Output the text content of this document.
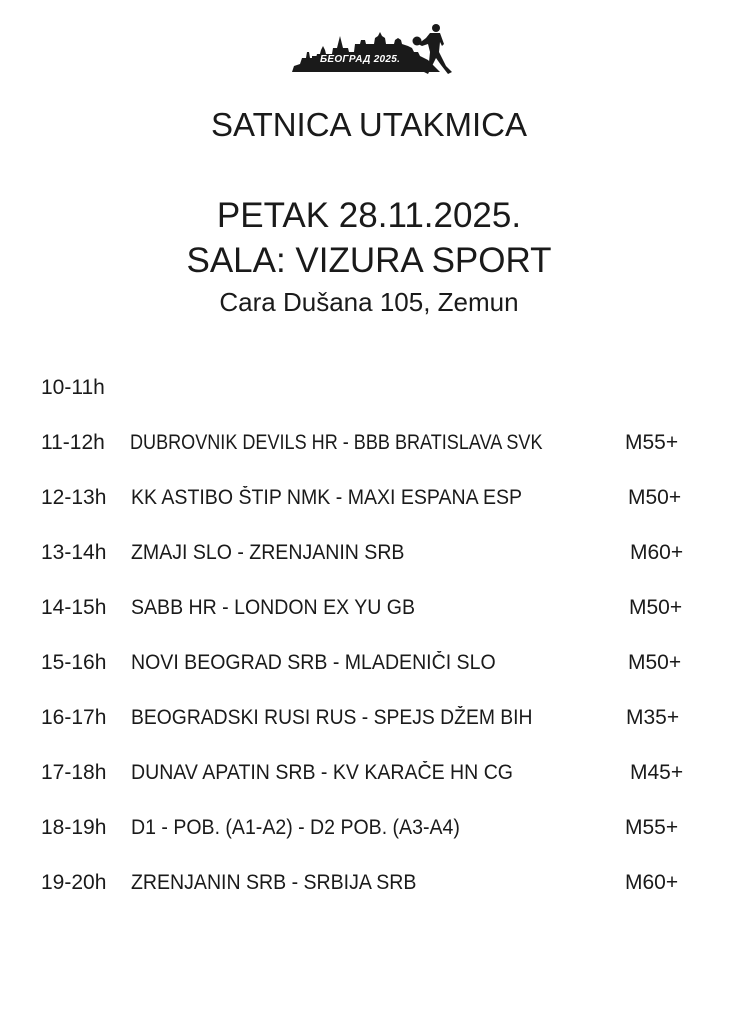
БЕОГРАД 2025.
SATNICA UTAKMICA
PETAK 28.11.2025.
SALA: VIZURA SPORT
Cara Dušana 105, Zemun
10-11h
11-12h DUBROVNIK DEVILS HR - BBB BRATISLAVA SVK	M55+
12-13h KK ASTIBO ŠTIP NMK - MAXI ESPANA ESP	M50+
13-14h ZMAJI SLO - ZRENJANIN SRB	M60+
14-15h SABB HR - LONDON EX YU GB	M50+
15-16h NOVI BEOGRAD SRB - MLADENIČI SLO	M50+
16-17h BEOGRADSKI RUSI RUS - SPEJS DŽEM BIH	M35+
17-18h DUNAV APATIN SRB - KV KARAČE HN CG	M45+
18-19h D1 - POB. (A1-A2) - D2 POB. (A3-A4)	M55+
19-20h ZRENJANIN SRB - SRBIJA SRB	M60+
